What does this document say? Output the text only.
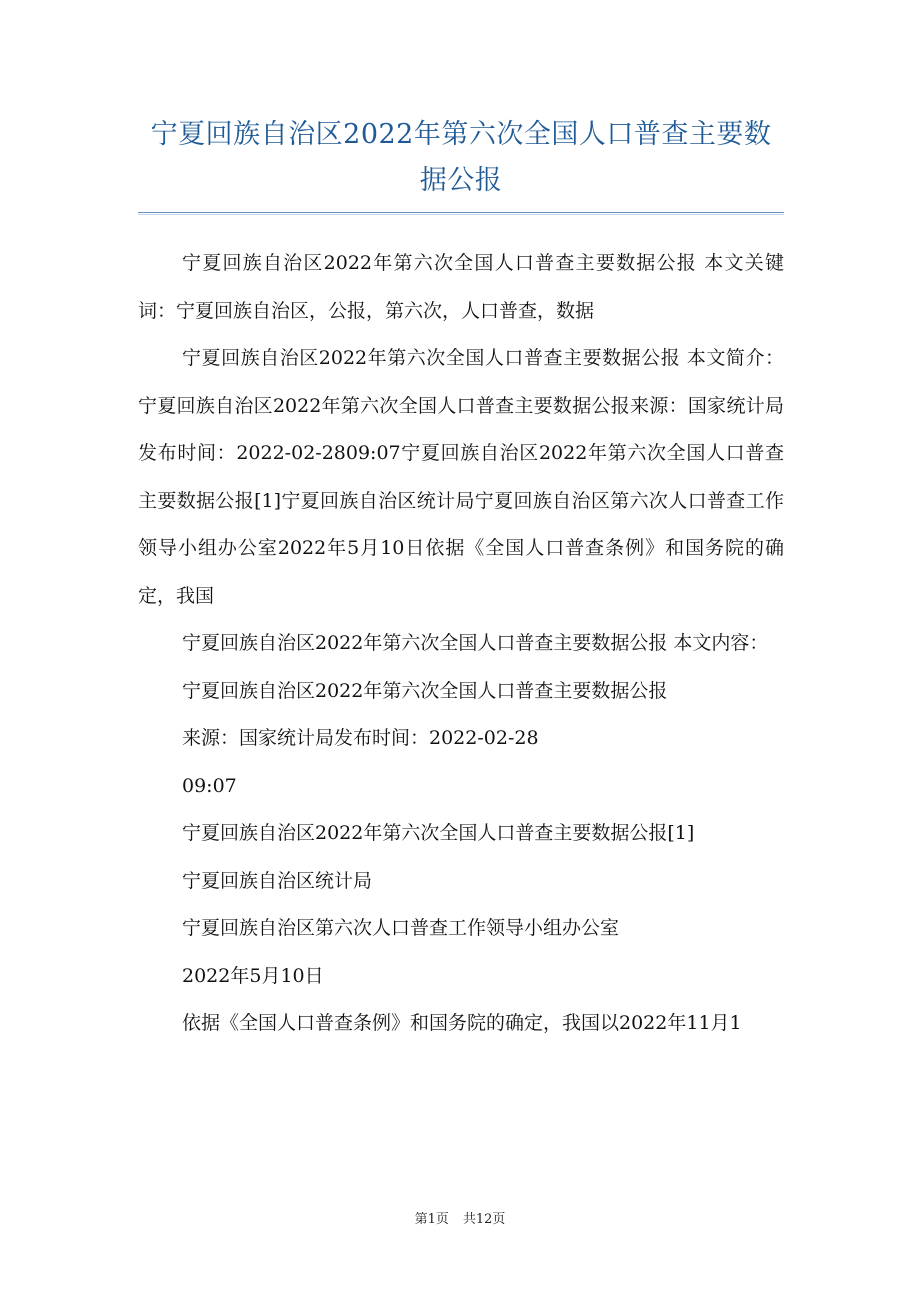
宁夏回族自治区2022年第六次全国人口普查主要数据公报

宁夏回族自治区2022年第六次全国人口普查主要数据公报 本文关键词：宁夏回族自治区，公报，第六次，人口普查，数据

宁夏回族自治区2022年第六次全国人口普查主要数据公报 本文简介：宁夏回族自治区2022年第六次全国人口普查主要数据公报来源：国家统计局发布时间：2022-02-2809:07宁夏回族自治区2022年第六次全国人口普查主要数据公报[1]宁夏回族自治区统计局宁夏回族自治区第六次人口普查工作领导小组办公室2022年5月10日依据《全国人口普查条例》和国务院的确定，我国

宁夏回族自治区2022年第六次全国人口普查主要数据公报 本文内容：

宁夏回族自治区2022年第六次全国人口普查主要数据公报

来源：国家统计局发布时间：2022-02-28

09:07

宁夏回族自治区2022年第六次全国人口普查主要数据公报[1]

宁夏回族自治区统计局

宁夏回族自治区第六次人口普查工作领导小组办公室

2022年5月10日

依据《全国人口普查条例》和国务院的确定，我国以2022年11月1

第1页 共12页
